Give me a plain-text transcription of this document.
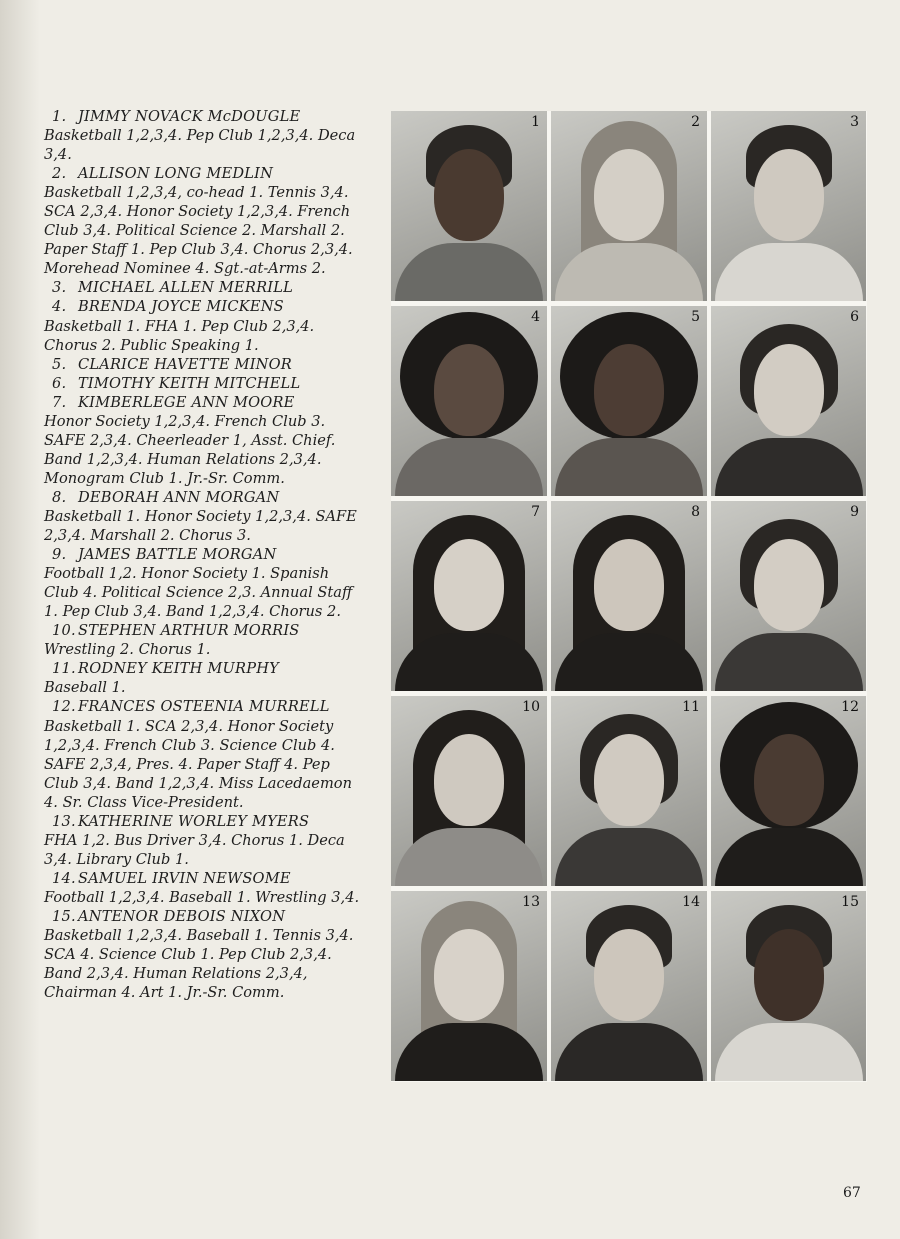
1. JIMMY NOVACK McDOUGLE

Basketball 1,2,3,4. Pep Club 1,2,3,4. Deca

3,4.

2. ALLISON LONG MEDLIN

Basketball 1,2,3,4, co-head 1. Tennis 3,4.

SCA 2,3,4. Honor Society 1,2,3,4. French

Club 3,4. Political Science 2. Marshall 2.

Paper Staff 1. Pep Club 3,4. Chorus 2,3,4.

Morehead Nominee 4. Sgt.-at-Arms 2.

3. MICHAEL ALLEN MERRILL

4. BRENDA JOYCE MICKENS

Basketball 1. FHA 1. Pep Club 2,3,4.

Chorus 2. Public Speaking 1.

5. CLARICE HAVETTE MINOR

6. TIMOTHY KEITH MITCHELL

7. KIMBERLEGE ANN MOORE

Honor Society 1,2,3,4. French Club 3.

SAFE 2,3,4. Cheerleader 1, Asst. Chief.

Band 1,2,3,4. Human Relations 2,3,4.

Monogram Club 1. Jr.-Sr. Comm.

8. DEBORAH ANN MORGAN

Basketball 1. Honor Society 1,2,3,4. SAFE

2,3,4. Marshall 2. Chorus 3.

9. JAMES BATTLE MORGAN

Football 1,2. Honor Society 1. Spanish

Club 4. Political Science 2,3. Annual Staff

1. Pep Club 3,4. Band 1,2,3,4. Chorus 2.

10. STEPHEN ARTHUR MORRIS

Wrestling 2. Chorus 1.

11. RODNEY KEITH MURPHY

Baseball 1.

12. FRANCES OSTEENIA MURRELL

Basketball 1. SCA 2,3,4. Honor Society

1,2,3,4. French Club 3. Science Club 4.

SAFE 2,3,4, Pres. 4. Paper Staff 4. Pep

Club 3,4. Band 1,2,3,4. Miss Lacedaemon

4. Sr. Class Vice-President.

13. KATHERINE WORLEY MYERS

FHA 1,2. Bus Driver 3,4. Chorus 1. Deca

3,4. Library Club 1.

14. SAMUEL IRVIN NEWSOME

Football 1,2,3,4. Baseball 1. Wrestling 3,4.

15. ANTENOR DEBOIS NIXON

Basketball 1,2,3,4. Baseball 1. Tennis 3,4.

SCA 4. Science Club 1. Pep Club 2,3,4.

Band 2,3,4. Human Relations 2,3,4,

Chairman 4. Art 1. Jr.-Sr. Comm.

1	2	3
4	5	6
7	8	9
10	11	12
13	14	15
67
